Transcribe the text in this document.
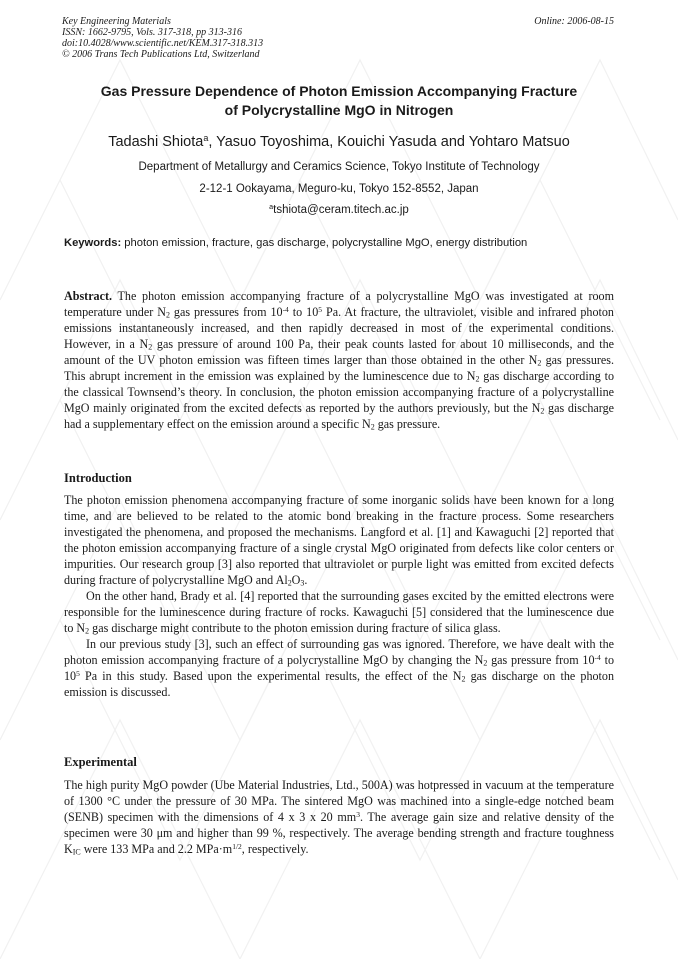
Key Engineering Materials
ISSN: 1662-9795, Vols. 317-318, pp 313-316
doi:10.4028/www.scientific.net/KEM.317-318.313
© 2006 Trans Tech Publications Ltd, Switzerland
Online: 2006-08-15
Gas Pressure Dependence of Photon Emission Accompanying Fracture
of Polycrystalline MgO in Nitrogen
Tadashi Shiota$^a$, Yasuo Toyoshima, Kouichi Yasuda and Yohtaro Matsuo
Department of Metallurgy and Ceramics Science, Tokyo Institute of Technology
2-12-1 Ookayama, Meguro-ku, Tokyo 152-8552, Japan
$^a$tshiota@ceram.titech.ac.jp
Keywords: photon emission, fracture, gas discharge, polycrystalline MgO, energy distribution

Abstract. The photon emission accompanying fracture of a polycrystalline MgO was investigated at room temperature under $N_2$ gas pressures from $10^{-4}$ to $10^5$ Pa. At fracture, the ultraviolet, visible and infrared photon emissions instantaneously increased, and then rapidly decreased in most of the experimental conditions. However, in a $N_2$ gas pressure of around 100 Pa, their peak counts lasted for about 10 milliseconds, and the amount of the UV photon emission was fifteen times larger than those obtained in the other $N_2$ gas pressures. This abrupt increment in the emission was explained by the luminescence due to $N_2$ gas discharge according to the classical Townsend’s theory. In conclusion, the photon emission accompanying fracture of a polycrystalline MgO mainly originated from the excited defects as reported by the authors previously, but the $N_2$ gas discharge had a supplementary effect on the emission around a specific $N_2$ gas pressure.

Introduction

The photon emission phenomena accompanying fracture of some inorganic solids have been known for a long time, and are believed to be related to the atomic bond breaking in the fracture process. Some researchers investigated the phenomena, and proposed the mechanisms. Langford et al. [1] and Kawaguchi [2] reported that the photon emission accompanying fracture of a single crystal MgO originated from defects like color centers or impurities. Our research group [3] also reported that ultraviolet or purple light was emitted from excited defects during fracture of polycrystalline MgO and $Al_2O_3$.

On the other hand, Brady et al. [4] reported that the surrounding gases excited by the emitted electrons were responsible for the luminescence during fracture of rocks. Kawaguchi [5] considered that the luminescence due to $N_2$ gas discharge might contribute to the photon emission during fracture of silica glass.

In our previous study [3], such an effect of surrounding gas was ignored. Therefore, we have dealt with the photon emission accompanying fracture of a polycrystalline MgO by changing the $N_2$ gas pressure from $10^{-4}$ to $10^5$ Pa in this study. Based upon the experimental results, the effect of the $N_2$ gas discharge on the photon emission is discussed.

Experimental

The high purity MgO powder (Ube Material Industries, Ltd., 500A) was hotpressed in vacuum at the temperature of 1300 °C under the pressure of 30 MPa. The sintered MgO was machined into a single-edge notched beam (SENB) specimen with the dimensions of 4 x 3 x 20 $mm^3$. The average gain size and relative density of the specimen were 30 μm and higher than 99 %, respectively. The average bending strength and fracture toughness $K_{IC}$ were 133 MPa and 2.2 $MPa\cdot m^{1/2}$, respectively.
